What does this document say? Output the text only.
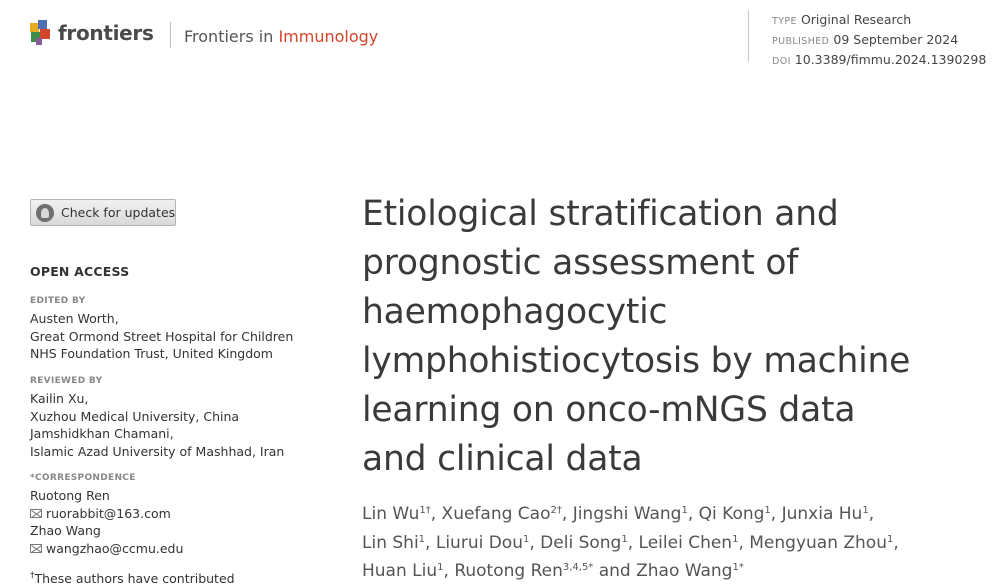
frontiers Frontiers in Immunology
TYPE Original Research
PUBLISHED 09 September 2024
DOI 10.3389/fimmu.2024.1390298
Check for updates
OPEN ACCESS
EDITED BY
Austen Worth,
Great Ormond Street Hospital for Children
NHS Foundation Trust, United Kingdom
REVIEWED BY
Kailin Xu,
Xuzhou Medical University, China
Jamshidkhan Chamani,
Islamic Azad University of Mashhad, Iran
*CORRESPONDENCE
Ruotong Ren
ruorabbit@163.com
Zhao Wang
wangzhao@ccmu.edu
†These authors have contributed
Etiological stratification and
prognostic assessment of
haemophagocytic
lymphohistiocytosis by machine
learning on onco-mNGS data
and clinical data
Lin $Wu^{1\dagger}$, Xuefang Cao$^{2\dagger}$, Jingshi Wang$^1$, Qi Kong$^1$, Junxia Hu$^1$,
Lin Shi$^1$, Liurui Dou$^1$, Deli Song$^1$, Leilei Chen$^1$, Mengyuan Zhou$^1$,
Huan Liu$^1$, Ruotong Ren$^{3,4,5*}$ and Zhao Wang$^{1*}$
